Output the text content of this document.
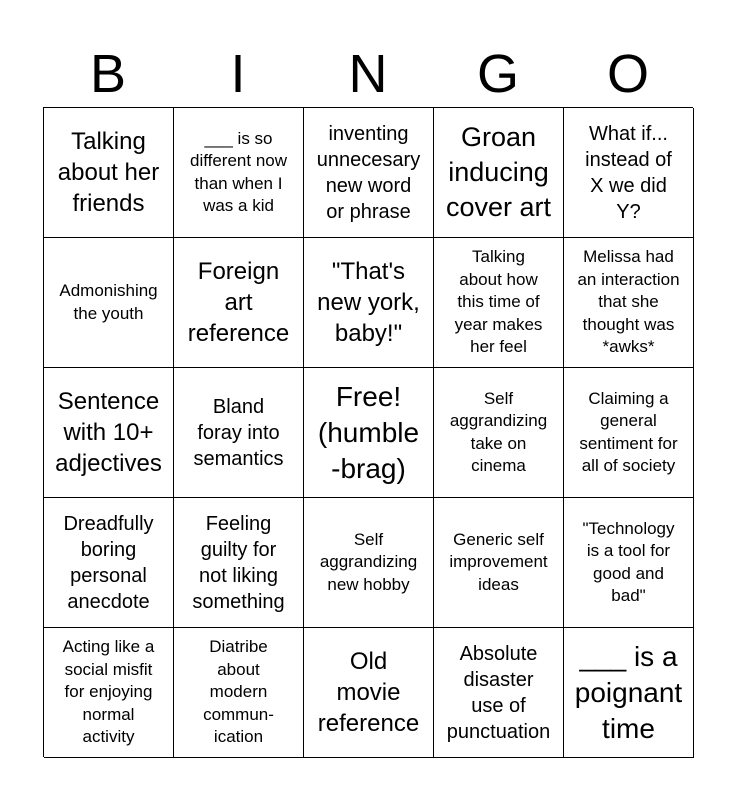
B	I	N	G	O
Talking
about her
friends
___ is so
different now
than when I
was a kid
inventing
unnecesary
new word
or phrase
Groan
inducing
cover art
What if...
instead of
X we did
Y?
Admonishing
the youth
Foreign
art
reference
"That's
new york,
baby!"
Talking
about how
this time of
year makes
her feel
Melissa had
an interaction
that she
thought was
*awks*
Sentence
with 10+
adjectives
Bland
foray into
semantics
Free!
(humble
-brag)
Self
aggrandizing
take on
cinema
Claiming a
general
sentiment for
all of society
Dreadfully
boring
personal
anecdote
Feeling
guilty for
not liking
something
Self
aggrandizing
new hobby
Generic self
improvement
ideas
"Technology
is a tool for
good and
bad"
Acting like a
social misfit
for enjoying
normal
activity
Diatribe
about
modern
commun-
ication
Old
movie
reference
Absolute
disaster
use of
punctuation
___ is a
poignant
time
